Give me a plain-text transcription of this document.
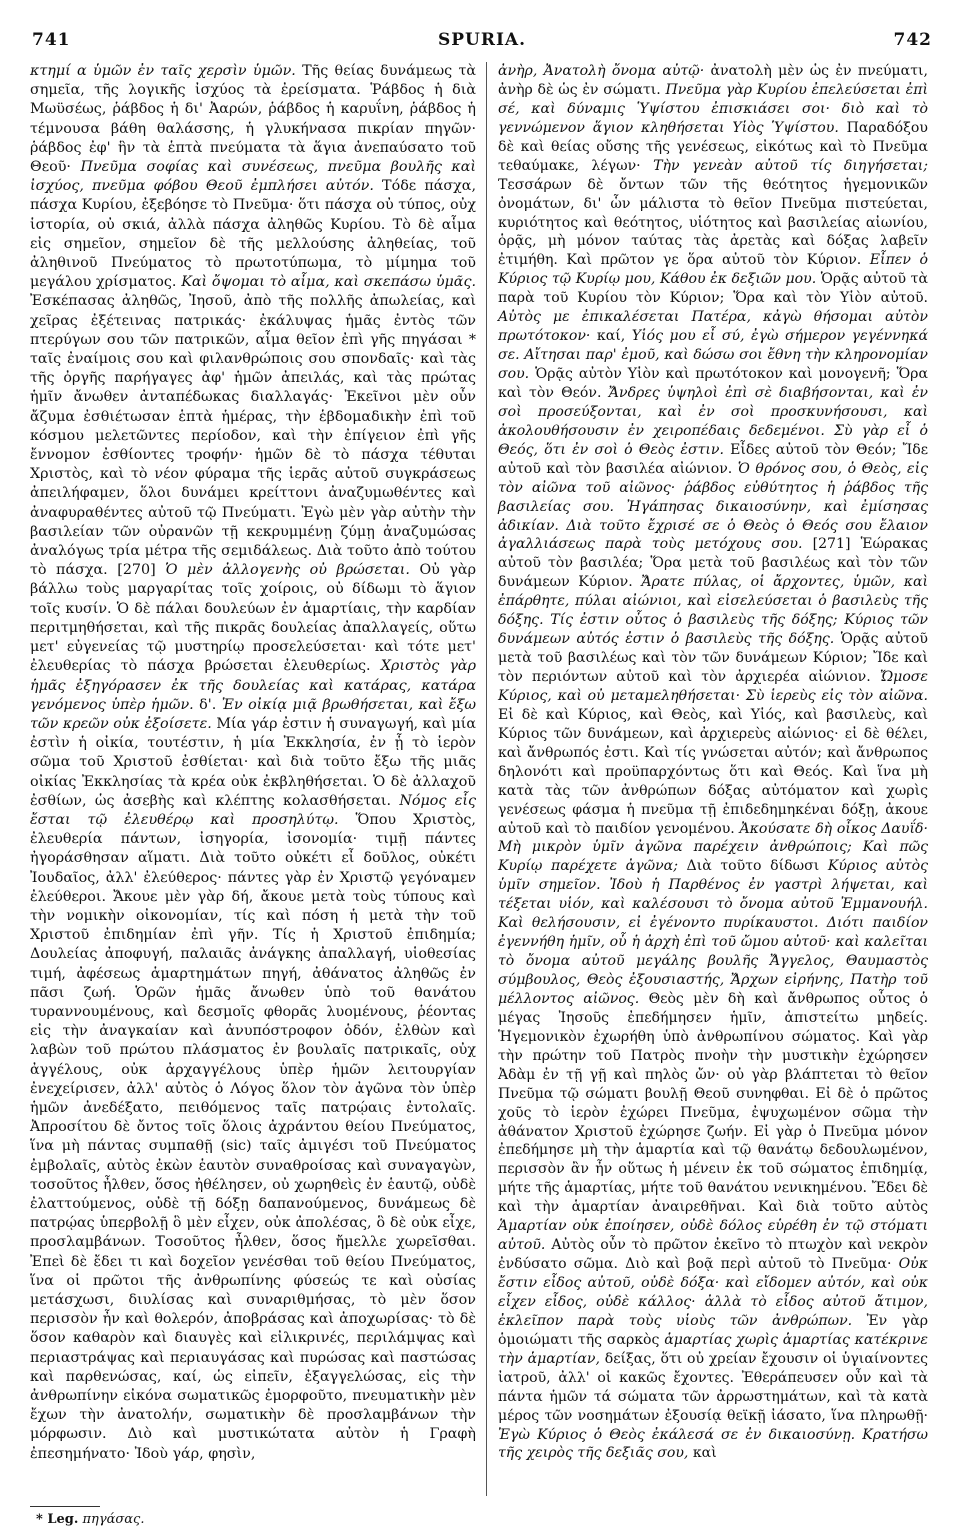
741	SPURIA.	742

κτημί α ὑμῶν ἐν ταῖς χερσὶν ὑμῶν. Τῆς θείας δυνάμεως τὰ σημεῖα, τῆς λογικῆς ἰσχύος τὰ ἐρείσματα. Ῥάβδος ἡ διὰ Μωϋσέως, ῥάβδος ἡ δι' Ἀαρών, ῥάβδος ἡ καρυΐνη, ῥάβδος ἡ τέμνουσα βάθη θαλάσσης, ἡ γλυκήνασα πικρίαν πηγῶν· ῥάβδος ἐφ' ἣν τὰ ἑπτὰ πνεύματα τὰ ἅγια ἀνεπαύσατο τοῦ Θεοῦ· Πνεῦμα σοφίας καὶ συνέσεως, πνεῦμα βουλῆς καὶ ἰσχύος, πνεῦμα φόβου Θεοῦ ἐμπλήσει αὐτόν. Τόδε πάσχα, πάσχα Κυρίου, ἐξεβόησε τὸ Πνεῦμα· ὅτι πάσχα οὐ τύπος, οὐχ ἱστορία, οὐ σκιά, ἀλλὰ πάσχα ἀληθῶς Κυρίου. Τὸ δὲ αἷμα εἰς σημεῖον, σημεῖον δὲ τῆς μελλούσης ἀληθείας, τοῦ ἀληθινοῦ Πνεύματος τὸ πρωτοτύπωμα, τὸ μίμημα τοῦ μεγάλου χρίσματος. Καὶ ὄψομαι τὸ αἷμα, καὶ σκεπάσω ὑμᾶς. Ἐσκέπασας ἀληθῶς, Ἰησοῦ, ἀπὸ τῆς πολλῆς ἀπωλείας, καὶ χεῖρας ἐξέτεινας πατρικάς· ἐκάλυψας ἡμᾶς ἐντὸς τῶν πτερύγων σου τῶν πατρικῶν, αἷμα θεῖον ἐπὶ γῆς πηγάσαι * ταῖς ἐναίμοις σου καὶ φιλανθρώποις σου σπονδαῖς· καὶ τὰς τῆς ὀργῆς παρήγαγες ἀφ' ἡμῶν ἀπειλάς, καὶ τὰς πρώτας ἡμῖν ἄνωθεν ἀνταπέδωκας διαλλαγάς· Ἐκεῖνοι μὲν οὖν ἄζυμα ἐσθιέτωσαν ἑπτὰ ἡμέρας, τὴν ἑβδομαδικὴν ἐπὶ τοῦ κόσμου μελετῶντες περίοδον, καὶ τὴν ἐπίγειον ἐπὶ γῆς ἔννομον ἐσθίοντες τροφήν· ἡμῶν δὲ τὸ πάσχα τέθυται Χριστὸς, καὶ τὸ νέον φύραμα τῆς ἱερᾶς αὐτοῦ συγκράσεως ἀπειλήφαμεν, ὅλοι δυνάμει κρείττονι ἀναζυμωθέντες καὶ ἀναφυραθέντες αὐτοῦ τῷ Πνεύματι. Ἐγὼ μὲν γὰρ αὐτὴν τὴν βασιλείαν τῶν οὐρανῶν τῇ κεκρυμμένῃ ζύμῃ ἀναζυμώσας ἀναλόγως τρία μέτρα τῆς σεμιδάλεως. Διὰ τοῦτο ἀπὸ τούτου τὸ πάσχα. [270] Ὁ μὲν ἀλλογενὴς οὐ βρώσεται. Οὐ γὰρ βάλλω τοὺς μαργαρίτας τοῖς χοίροις, οὐ δίδωμι τὸ ἅγιον τοῖς κυσίν. Ὁ δὲ πάλαι δουλεύων ἐν ἁμαρτίαις, τὴν καρδίαν περιτμηθήσεται, καὶ τῆς πικρᾶς δουλείας ἀπαλλαγείς, οὕτω μετ' εὐγενείας τῷ μυστηρίῳ προσελεύσεται· καὶ τότε μετ' ἐλευθερίας τὸ πάσχα βρώσεται ἐλευθερίως. Χριστὸς γὰρ ἡμᾶς ἐξηγόρασεν ἐκ τῆς δουλείας καὶ κατάρας, κατάρα γενόμενος ὑπὲρ ἡμῶν. δ'. Ἐν οἰκίᾳ μιᾷ βρωθήσεται, καὶ ἔξω τῶν κρεῶν οὐκ ἐξοίσετε. Μία γάρ ἐστιν ἡ συναγωγή, καὶ μία ἐστὶν ἡ οἰκία, τουτέστιν, ἡ μία Ἐκκλησία, ἐν ᾗ τὸ ἱερὸν σῶμα τοῦ Χριστοῦ ἐσθίεται· καὶ διὰ τοῦτο ἔξω τῆς μιᾶς οἰκίας Ἐκκλησίας τὰ κρέα οὐκ ἐκβληθήσεται. Ὁ δὲ ἀλλαχοῦ ἐσθίων, ὡς ἀσεβὴς καὶ κλέπτης κολασθήσεται. Νόμος εἷς ἔσται τῷ ἐλευθέρῳ καὶ προσηλύτῳ. Ὅπου Χριστὸς, ἐλευθερία πάντων, ἰσηγορία, ἰσονομία· τιμῇ πάντες ἠγοράσθησαν αἵματι. Διὰ τοῦτο οὐκέτι εἶ δοῦλος, οὐκέτι Ἰουδαῖος, ἀλλ' ἐλεύθερος· πάντες γὰρ ἐν Χριστῷ γεγόναμεν ἐλεύθεροι. Ἄκουε μὲν γὰρ δή, ἄκουε μετὰ τοὺς τύπους καὶ τὴν νομικὴν οἰκονομίαν, τίς καὶ πόση ἡ μετὰ τὴν τοῦ Χριστοῦ ἐπιδημίαν ἐπὶ γῆν. Τίς ἡ Χριστοῦ ἐπιδημία; Δουλείας ἀποφυγή, παλαιᾶς ἀνάγκης ἀπαλλαγή, υἱοθεσίας τιμή, ἀφέσεως ἁμαρτημάτων πηγή, ἀθάνατος ἀληθῶς ἐν πᾶσι ζωή. Ὁρῶν ἡμᾶς ἄνωθεν ὑπὸ τοῦ θανάτου τυραννουμένους, καὶ δεσμοῖς φθορᾶς λυομένους, ῥέοντας εἰς τὴν ἀναγκαίαν καὶ ἀνυπόστροφον ὁδόν, ἐλθὼν καὶ λαβὼν τοῦ πρώτου πλάσματος ἐν βουλαῖς πατρικαῖς, οὐχ ἀγγέλους, οὐκ ἀρχαγγέλους ὑπὲρ ἡμῶν λειτουργίαν ἐνεχείρισεν, ἀλλ' αὐτὸς ὁ Λόγος ὅλον τὸν ἀγῶνα τὸν ὑπὲρ ἡμῶν ἀνεδέξατο, πειθόμενος ταῖς πατρῴαις ἐντολαῖς. Ἀπροσίτου δὲ ὄντος τοῖς ὅλοις ἀχράντου θείου Πνεύματος, ἵνα μὴ πάντας συμπαθῇ (sic) ταῖς ἀμιγέσι τοῦ Πνεύματος ἐμβολαῖς, αὐτὸς ἐκὼν ἑαυτὸν συναθροίσας καὶ συναγαγὼν, τοσοῦτος ἦλθεν, ὅσος ἠθέλησεν, οὐ χωρηθεὶς ἐν ἑαυτῷ, οὐδὲ ἐλαττούμενος, οὐδὲ τῇ δόξῃ δαπανούμενος, δυνάμεως δὲ πατρῴας ὑπερβολῇ ὃ μὲν εἶχεν, οὐκ ἀπολέσας, ὃ δὲ οὐκ εἶχε, προσλαμβάνων. Τοσοῦτος ἦλθεν, ὅσος ἤμελλε χωρεῖσθαι. Ἐπεὶ δὲ ἔδει τι καὶ δοχεῖον γενέσθαι τοῦ θείου Πνεύματος, ἵνα οἱ πρῶτοι τῆς ἀνθρωπίνης φύσεώς τε καὶ οὐσίας μετάσχωσι, διυλίσας καὶ συναριθμήσας, τὸ μὲν ὅσον περισσὸν ἦν καὶ θολερόν, ἀποβράσας καὶ ἀποχωρίσας· τὸ δὲ ὅσον καθαρὸν καὶ διαυγὲς καὶ εἰλικρινές, περιλάμψας καὶ περιαστράψας καὶ περιαυγάσας καὶ πυρώσας καὶ παστώσας καὶ παρθενώσας, καί, ὡς εἰπεῖν, ἐξαγγελώσας, εἰς τὴν ἀνθρωπίνην εἰκόνα σωματικῶς ἐμορφοῦτο, πνευματικὴν μὲν ἔχων τὴν ἀνατολήν, σωματικὴν δὲ προσλαμβάνων τὴν μόρφωσιν. Διὸ καὶ μυστικώτατα αὐτὸν ἡ Γραφὴ ἐπεσημήνατο· Ἰδοὺ γάρ, φησὶν,

ἀνὴρ, Ἀνατολὴ ὄνομα αὐτῷ· ἀνατολὴ μὲν ὡς ἐν πνεύματι, ἀνὴρ δὲ ὡς ἐν σώματι. Πνεῦμα γὰρ Κυρίου ἐπελεύσεται ἐπὶ σέ, καὶ δύναμις Ὑψίστου ἐπισκιάσει σοι· διὸ καὶ τὸ γεννώμενον ἅγιον κληθήσεται Υἱὸς Ὑψίστου. Παραδόξου δὲ καὶ θείας οὔσης τῆς γενέσεως, εἰκότως καὶ τὸ Πνεῦμα τεθαύμακε, λέγων· Τὴν γενεὰν αὐτοῦ τίς διηγήσεται; Τεσσάρων δὲ ὄντων τῶν τῆς θεότητος ἡγεμονικῶν ὀνομάτων, δι' ὧν μάλιστα τὸ θεῖον Πνεῦμα πιστεύεται, κυριότητος καὶ θεότητος, υἱότητος καὶ βασιλείας αἰωνίου, ὁρᾷς, μὴ μόνον ταύτας τὰς ἀρετὰς καὶ δόξας λαβεῖν ἐτιμήθη. Καὶ πρῶτον γε ὅρα αὐτοῦ τὸν Κύριον. Εἶπεν ὁ Κύριος τῷ Κυρίῳ μου, Κάθου ἐκ δεξιῶν μου. Ὁρᾷς αὐτοῦ τὰ παρὰ τοῦ Κυρίου τὸν Κύριον; Ὅρα καὶ τὸν Υἱὸν αὐτοῦ. Αὐτὸς με ἐπικαλέσεται Πατέρα, κἀγὼ θήσομαι αὐτὸν πρωτότοκον· καί, Υἱός μου εἶ σύ, ἐγὼ σήμερον γεγέννηκά σε. Αἴτησαι παρ' ἐμοῦ, καὶ δώσω σοι ἔθνη τὴν κληρονομίαν σου. Ὁρᾷς αὐτὸν Υἱὸν καὶ πρωτότοκον καὶ μονογενῆ; Ὅρα καὶ τὸν Θεόν. Ἄνδρες ὑψηλοὶ ἐπὶ σὲ διαβήσονται, καὶ ἐν σοὶ προσεύξονται, καὶ ἐν σοὶ προσκυνήσουσι, καὶ ἀκολουθήσουσιν ἐν χειροπέδαις δεδεμένοι. Σὺ γὰρ εἶ ὁ Θεός, ὅτι ἐν σοὶ ὁ Θεὸς ἐστιν. Εἶδες αὐτοῦ τὸν Θεόν; Ἴδε αὐτοῦ καὶ τὸν βασιλέα αἰώνιον. Ὁ θρόνος σου, ὁ Θεὸς, εἰς τὸν αἰῶνα τοῦ αἰῶνος· ῥάβδος εὐθύτητος ἡ ῥάβδος τῆς βασιλείας σου. Ἠγάπησας δικαιοσύνην, καὶ ἐμίσησας ἀδικίαν. Διὰ τοῦτο ἔχρισέ σε ὁ Θεὸς ὁ Θεός σου ἔλαιον ἀγαλλιάσεως παρὰ τοὺς μετόχους σου. [271] Ἑώρακας αὐτοῦ τὸν βασιλέα; Ὅρα μετὰ τοῦ βασιλέως καὶ τὸν τῶν δυνάμεων Κύριον. Ἄρατε πύλας, οἱ ἄρχοντες, ὑμῶν, καὶ ἐπάρθητε, πύλαι αἰώνιοι, καὶ εἰσελεύσεται ὁ βασιλεὺς τῆς δόξης. Τίς ἐστιν οὗτος ὁ βασιλεὺς τῆς δόξης; Κύριος τῶν δυνάμεων αὐτός ἐστιν ὁ βασιλεὺς τῆς δόξης. Ὁρᾷς αὐτοῦ μετὰ τοῦ βασιλέως καὶ τὸν τῶν δυνάμεων Κύριον; Ἴδε καὶ τὸν περιόντων αὐτοῦ καὶ τὸν ἀρχιερέα αἰώνιον. Ὤμοσε Κύριος, καὶ οὐ μεταμεληθήσεται· Σὺ ἱερεὺς εἰς τὸν αἰῶνα. Εἰ δὲ καὶ Κύριος, καὶ Θεὸς, καὶ Υἱός, καὶ βασιλεὺς, καὶ Κύριος τῶν δυνάμεων, καὶ ἀρχιερεὺς αἰώνιος· εἰ δὲ θέλει, καὶ ἄνθρωπός ἐστι. Καὶ τίς γνώσεται αὐτόν; καὶ ἄνθρωπος δηλονότι καὶ προϋπαρχόντως ὅτι καὶ Θεός. Καὶ ἵνα μὴ κατὰ τὰς τῶν ἀνθρώπων δόξας αὐτόματον καὶ χωρὶς γενέσεως φάσμα ἡ πνεῦμα τῇ ἐπιδεδημηκέναι δόξῃ, ἀκουε αὐτοῦ καὶ τὸ παιδίον γενομένου. Ἀκούσατε δὴ οἶκος Δαυΐδ· Μὴ μικρὸν ὑμῖν ἀγῶνα παρέχειν ἀνθρώποις; Καὶ πῶς Κυρίῳ παρέχετε ἀγῶνα; Διὰ τοῦτο δίδωσι Κύριος αὐτὸς ὑμῖν σημεῖον. Ἰδοὺ ἡ Παρθένος ἐν γαστρὶ λήψεται, καὶ τέξεται υἱόν, καὶ καλέσουσι τὸ ὄνομα αὐτοῦ Ἐμμανουήλ. Καὶ θελήσουσιν, εἰ ἐγένοντο πυρίκαυστοι. Διότι παιδίον ἐγεννήθη ἡμῖν, οὗ ἡ ἀρχὴ ἐπὶ τοῦ ὤμου αὐτοῦ· καὶ καλεῖται τὸ ὄνομα αὐτοῦ μεγάλης βουλῆς Ἄγγελος, Θαυμαστὸς σύμβουλος, Θεὸς ἐξουσιαστής, Ἄρχων εἰρήνης, Πατὴρ τοῦ μέλλοντος αἰῶνος. Θεὸς μὲν δὴ καὶ ἄνθρωπος οὗτος ὁ μέγας Ἰησοῦς ἐπεδήμησεν ἡμῖν, ἀπιστείτω μηδείς. Ἡγεμονικὸν ἐχωρήθη ὑπὸ ἀνθρωπίνου σώματος. Καὶ γὰρ τὴν πρώτην τοῦ Πατρὸς πνοὴν τὴν μυστικὴν ἐχώρησεν Ἀδὰμ ἐν τῇ γῇ καὶ πηλὸς ὤν· οὐ γὰρ βλάπτεται τὸ θεῖον Πνεῦμα τῷ σώματι βουλῇ Θεοῦ συνηφθαι. Εἰ δὲ ὁ πρῶτος χοῦς τὸ ἱερὸν ἐχώρει Πνεῦμα, ἐψυχωμένον σῶμα τὴν ἀθάνατον Χριστοῦ ἐχώρησε ζωήν. Εἰ γὰρ ὁ Πνεῦμα μόνον ἐπεδήμησε μὴ τὴν ἁμαρτία καὶ τῷ θανάτῳ δεδουλωμένον, περισσὸν ἂν ἦν οὕτως ἡ μένειν ἐκ τοῦ σώματος ἐπιδημίᾳ, μήτε τῆς ἁμαρτίας, μήτε τοῦ θανάτου νενικημένου. Ἔδει δὲ καὶ τὴν ἁμαρτίαν ἀναιρεθῆναι. Καὶ διὰ τοῦτο αὐτὸς Ἁμαρτίαν οὐκ ἐποίησεν, οὐδὲ δόλος εὑρέθη ἐν τῷ στόματι αὐτοῦ. Αὐτὸς οὖν τὸ πρῶτον ἐκεῖνο τὸ πτωχὸν καὶ νεκρὸν ἐνδύσατο σῶμα. Διὸ καὶ βοᾷ περὶ αὐτοῦ τὸ Πνεῦμα· Οὐκ ἔστιν εἶδος αὐτοῦ, οὐδὲ δόξα· καὶ εἴδομεν αὐτόν, καὶ οὐκ εἶχεν εἶδος, οὐδὲ κάλλος· ἀλλὰ τὸ εἶδος αὐτοῦ ἄτιμον, ἐκλεῖπον παρὰ τοὺς υἱοὺς τῶν ἀνθρώπων. Ἐν γὰρ ὁμοιώματι τῆς σαρκὸς ἁμαρτίας χωρὶς ἁμαρτίας κατέκρινε τὴν ἁμαρτίαν, δείξας, ὅτι οὐ χρείαν ἔχουσιν οἱ ὑγιαίνοντες ἰατροῦ, ἀλλ' οἱ κακῶς ἔχοντες. Ἐθεράπευσεν οὖν καὶ τὰ πάντα ἡμῶν τά σώματα τῶν ἀρρωστημάτων, καὶ τὰ κατὰ μέρος τῶν νοσημάτων ἐξουσίᾳ θεϊκῇ ἰάσατο, ἵνα πληρωθῇ· Ἐγὼ Κύριος ὁ Θεὸς ἐκάλεσά σε ἐν δικαιοσύνῃ. Κρατήσω τῆς χειρὸς τῆς δεξιᾶς σου, καὶ

* Leg. πηγάσας.
